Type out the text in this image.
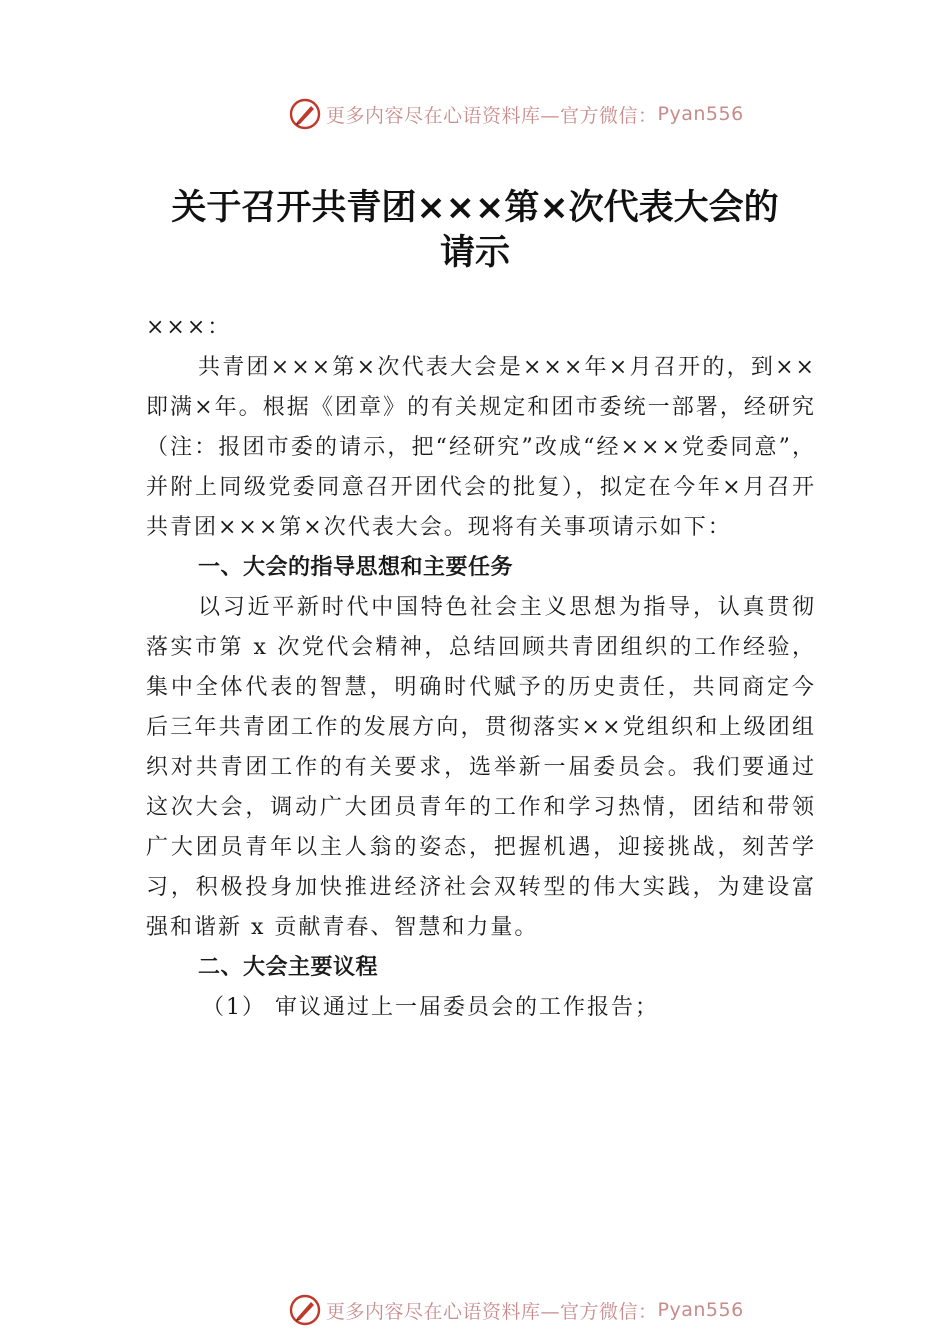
更多内容尽在心语资料库—官方微信： Pyan556
关于召开共青团×××第×次代表大会的
请示

×××：

共青团×××第×次代表大会是×××年×月召开的，到××即满×年。根据《团章》的有关规定和团市委统一部署，经研究（注：报团市委的请示，把“经研究”改成“经×××党委同意”，并附上同级党委同意召开团代会的批复），拟定在今年×月召开共青团×××第×次代表大会。现将有关事项请示如下：

一、大会的指导思想和主要任务

以习近平新时代中国特色社会主义思想为指导，认真贯彻落实市第 x 次党代会精神，总结回顾共青团组织的工作经验，集中全体代表的智慧，明确时代赋予的历史责任，共同商定今后三年共青团工作的发展方向，贯彻落实××党组织和上级团组织对共青团工作的有关要求，选举新一届委员会。我们要通过这次大会，调动广大团员青年的工作和学习热情，团结和带领广大团员青年以主人翁的姿态，把握机遇，迎接挑战，刻苦学习，积极投身加快推进经济社会双转型的伟大实践，为建设富强和谐新 x 贡献青春、智慧和力量。

二、大会主要议程

（1） 审议通过上一届委员会的工作报告；

更多内容尽在心语资料库—官方微信： Pyan556
